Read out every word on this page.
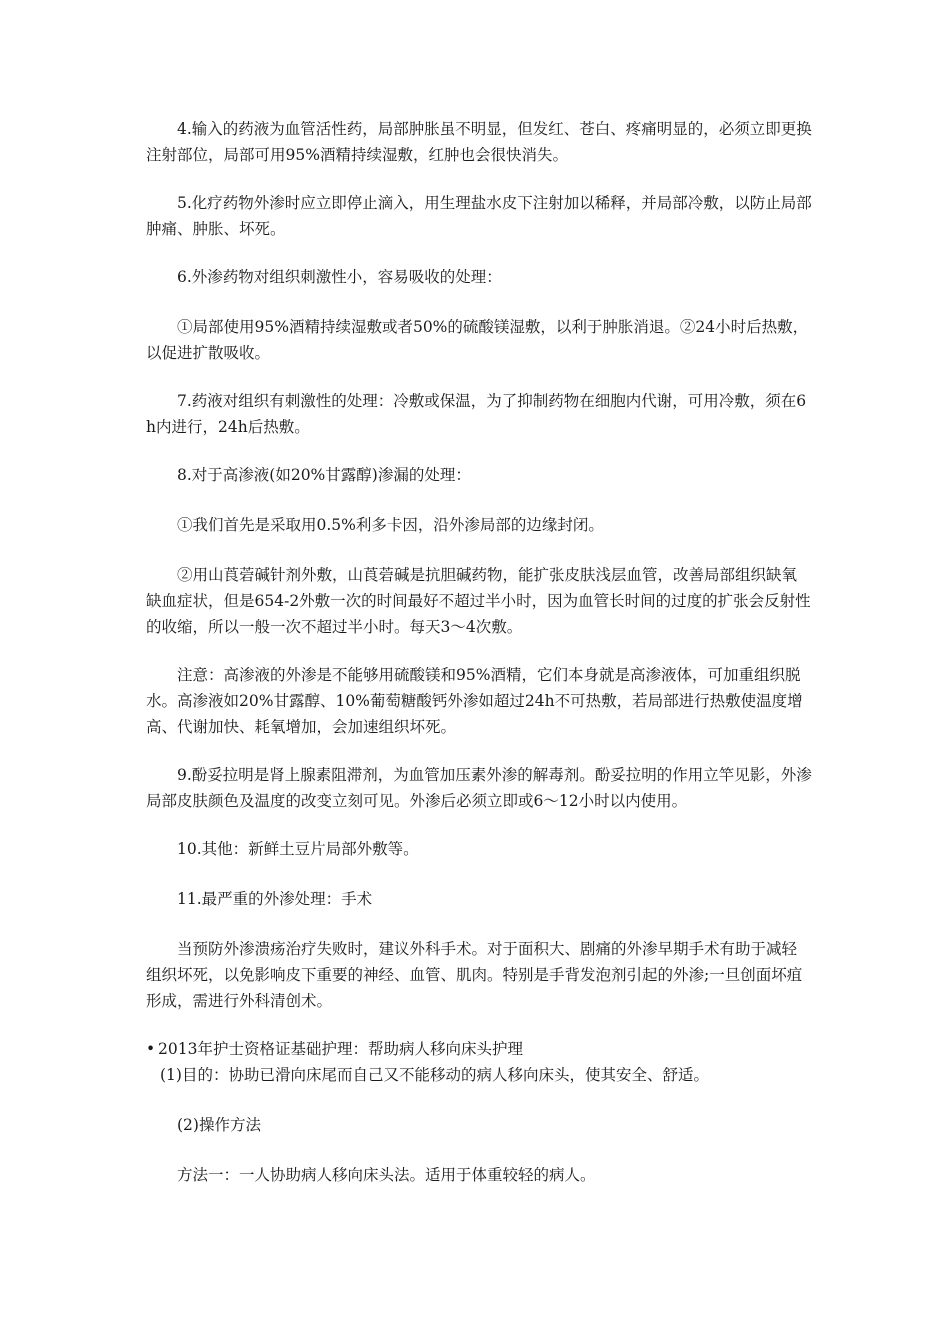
4.输入的药液为血管活性药，局部肿胀虽不明显，但发红、苍白、疼痛明显的，必须立即更换注射部位，局部可用95%酒精持续湿敷，红肿也会很快消失。

5.化疗药物外渗时应立即停止滴入，用生理盐水皮下注射加以稀释，并局部冷敷，以防止局部肿痛、肿胀、坏死。

6.外渗药物对组织刺激性小，容易吸收的处理：

①局部使用95%酒精持续湿敷或者50%的硫酸镁湿敷，以利于肿胀消退。②24小时后热敷，以促进扩散吸收。

7.药液对组织有刺激性的处理：冷敷或保温，为了抑制药物在细胞内代谢，可用冷敷，须在6h内进行，24h后热敷。

8.对于高渗液(如20%甘露醇)渗漏的处理：

①我们首先是采取用0.5%利多卡因，沿外渗局部的边缘封闭。

②用山莨菪碱针剂外敷，山莨菪碱是抗胆碱药物，能扩张皮肤浅层血管，改善局部组织缺氧缺血症状，但是654-2外敷一次的时间最好不超过半小时，因为血管长时间的过度的扩张会反射性的收缩，所以一般一次不超过半小时。每天3～4次敷。

注意：高渗液的外渗是不能够用硫酸镁和95%酒精，它们本身就是高渗液体，可加重组织脱水。高渗液如20%甘露醇、10%葡萄糖酸钙外渗如超过24h不可热敷，若局部进行热敷使温度增高、代谢加快、耗氧增加，会加速组织坏死。

9.酚妥拉明是肾上腺素阻滞剂，为血管加压素外渗的解毒剂。酚妥拉明的作用立竿见影，外渗局部皮肤颜色及温度的改变立刻可见。外渗后必须立即或6～12小时以内使用。

10.其他：新鲜土豆片局部外敷等。

11.最严重的外渗处理：手术

当预防外渗溃疡治疗失败时，建议外科手术。对于面积大、剧痛的外渗早期手术有助于减轻组织坏死，以免影响皮下重要的神经、血管、肌肉。特别是手背发泡剂引起的外渗;一旦创面坏疽形成，需进行外科清创术。

• 2013年护士资格证基础护理：帮助病人移向床头护理

(1)目的：协助已滑向床尾而自己又不能移动的病人移向床头，使其安全、舒适。

(2)操作方法

方法一：一人协助病人移向床头法。适用于体重较轻的病人。
